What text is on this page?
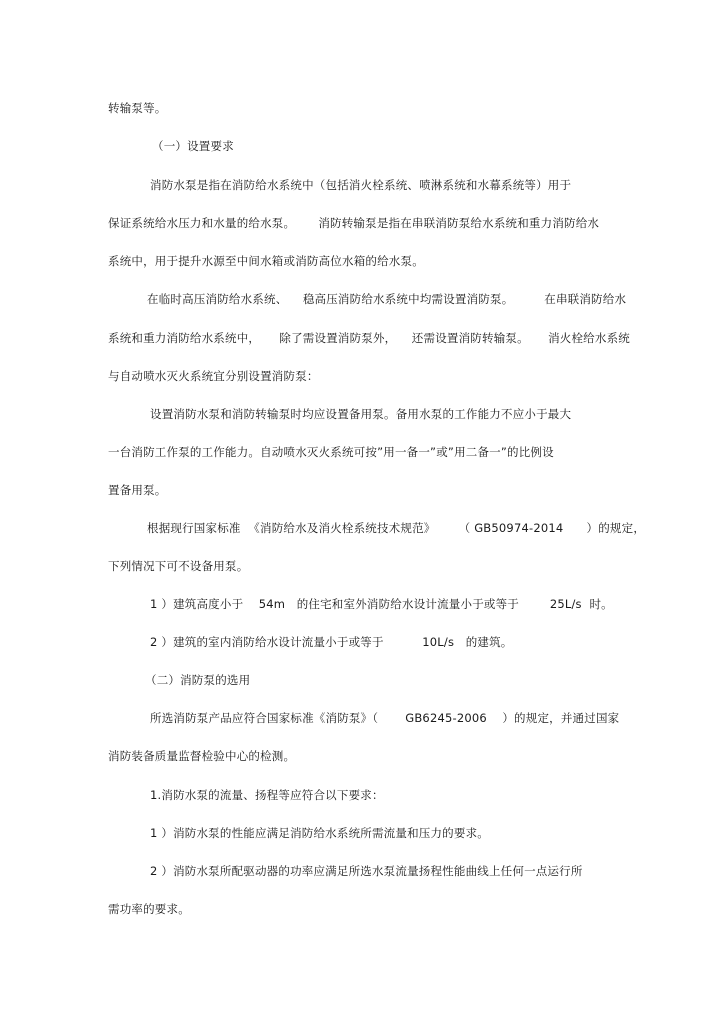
转输泵等。
（一）设置要求
消防水泵是指在消防给水系统中（包括消火栓系统、喷淋系统和水幕系统等）用于
保证系统给水压力和水量的给水泵。      消防转输泵是指在串联消防泵给水系统和重力消防给水
系统中，用于提升水源至中间水箱或消防高位水箱的给水泵。
在临时高压消防给水系统、    稳高压消防给水系统中均需设置消防泵。        在串联消防给水
系统和重力消防给水系统中，     除了需设置消防泵外，    还需设置消防转输泵。     消火栓给水系统
与自动喷水灭火系统宜分别设置消防泵：
设置消防水泵和消防转输泵时均应设置备用泵。备用水泵的工作能力不应小于最大
一台消防工作泵的工作能力。自动喷水灭火系统可按”用一备一”或”用二备一”的比例设
置备用泵。
根据现行国家标准  《消防给水及消火栓系统技术规范》      （ GB50974-2014      ）的规定，
下列情况下可不设备用泵。
1 ）建筑高度小于    54m   的住宅和室外消防给水设计流量小于或等于        25L/s  时。
2 ）建筑的室内消防给水设计流量小于或等于          10L/s   的建筑。
（二）消防泵的选用
所选消防泵产品应符合国家标准《消防泵》（       GB6245-2006    ）的规定，并通过国家
消防装备质量监督检验中心的检测。
1.消防水泵的流量、扬程等应符合以下要求：
1 ）消防水泵的性能应满足消防给水系统所需流量和压力的要求。
2 ）消防水泵所配驱动器的功率应满足所选水泵流量扬程性能曲线上任何一点运行所
需功率的要求。
